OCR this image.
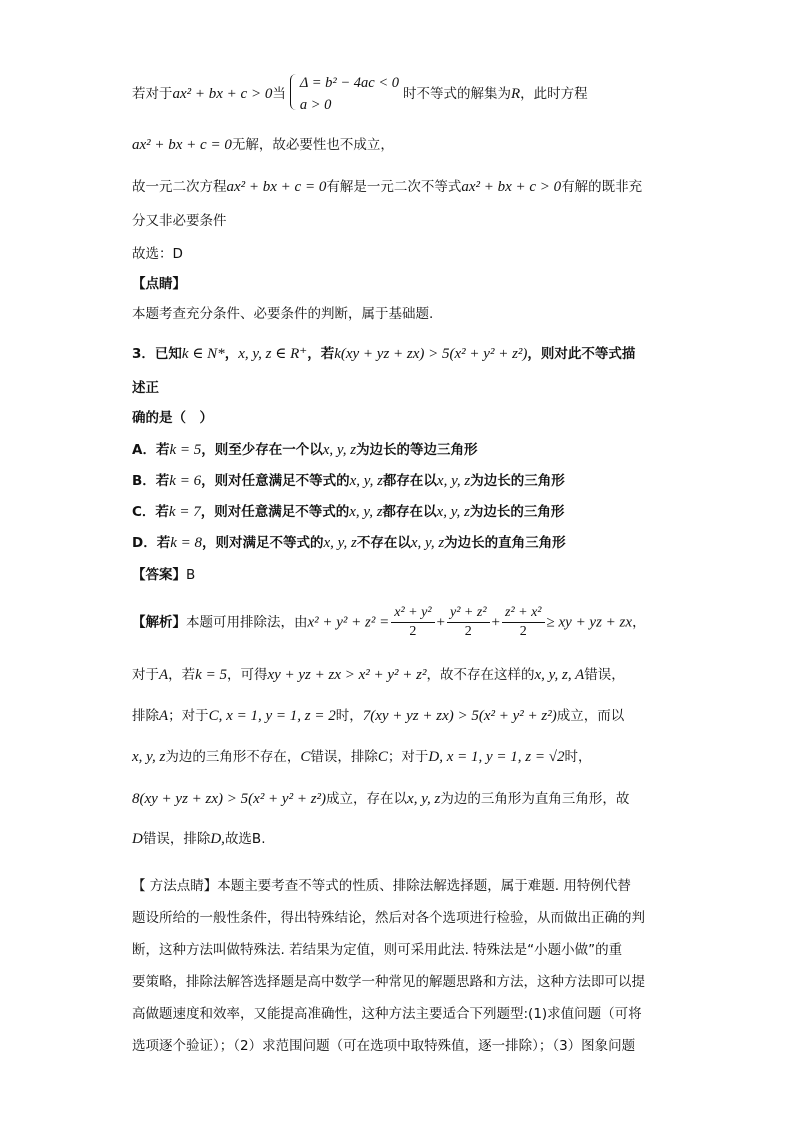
若对于ax² + bx + c > 0当
Δ = b² − 4ac < 0
a > 0
时不等式的解集为R，此时方程
ax² + bx + c = 0无解，故必要性也不成立，
故一元二次方程ax² + bx + c = 0有解是一元二次不等式ax² + bx + c > 0有解的既非充
分又非必要条件
故选：D
【点睛】
本题考查充分条件、必要条件的判断，属于基础题.
3．已知k ∈ N*，x, y, z ∈ R⁺，若k(xy + yz + zx) > 5(x² + y² + z²)，则对此不等式描
述正
确的是（　）
A．若k = 5，则至少存在一个以x, y, z为边长的等边三角形
B．若k = 6，则对任意满足不等式的x, y, z都存在以x, y, z为边长的三角形
C．若k = 7，则对任意满足不等式的x, y, z都存在以x, y, z为边长的三角形
D．若k = 8，则对满足不等式的x, y, z不存在以x, y, z为边长的直角三角形
【答案】B
【解析】本题可用排除法，由$x^2 + y^2 + z^2 = \frac{\text{x² + y²}}{2} + \frac{\text{y² + z²}}{2} + \frac{\text{z² + x²}}{2}$ ≥ xy + yz + zx，
对于A，若k = 5，可得xy + yz + zx > x² + y² + z²，故不存在这样的x, y, z, A错误，
排除A；对于C, x = 1, y = 1, z = 2时，7(xy + yz + zx) > 5(x² + y² + z²)成立，而以
x, y, z为边的三角形不存在，C错误，排除C；对于D, x = 1, y = 1, z = √2时，
8(xy + yz + zx) > 5(x² + y² + z²)成立，存在以x, y, z为边的三角形为直角三角形，故
D错误，排除D,故选B.
【 方法点睛】本题主要考查不等式的性质、排除法解选择题，属于难题. 用特例代替
题设所给的一般性条件，得出特殊结论，然后对各个选项进行检验，从而做出正确的判
断，这种方法叫做特殊法. 若结果为定值，则可采用此法. 特殊法是“小题小做”的重
要策略，排除法解答选择题是高中数学一种常见的解题思路和方法，这种方法即可以提
高做题速度和效率，又能提高准确性，这种方法主要适合下列题型:(1)求值问题（可将
选项逐个验证）；（2）求范围问题（可在选项中取特殊值，逐一排除）；（3）图象问题
